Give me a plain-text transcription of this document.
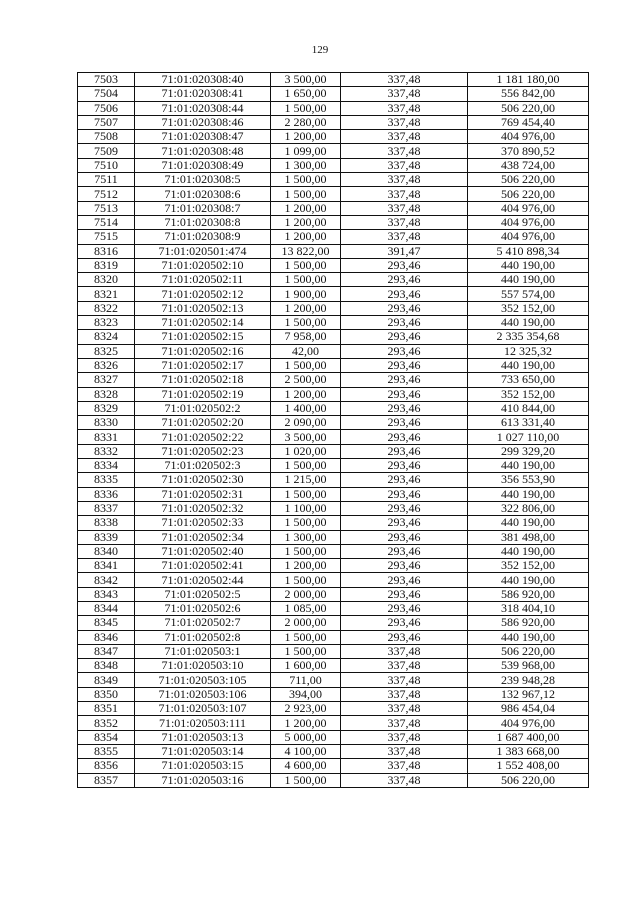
129
7503	71:01:020308:40	3 500,00	337,48	1 181 180,00
7504	71:01:020308:41	1 650,00	337,48	556 842,00
7506	71:01:020308:44	1 500,00	337,48	506 220,00
7507	71:01:020308:46	2 280,00	337,48	769 454,40
7508	71:01:020308:47	1 200,00	337,48	404 976,00
7509	71:01:020308:48	1 099,00	337,48	370 890,52
7510	71:01:020308:49	1 300,00	337,48	438 724,00
7511	71:01:020308:5	1 500,00	337,48	506 220,00
7512	71:01:020308:6	1 500,00	337,48	506 220,00
7513	71:01:020308:7	1 200,00	337,48	404 976,00
7514	71:01:020308:8	1 200,00	337,48	404 976,00
7515	71:01:020308:9	1 200,00	337,48	404 976,00
8316	71:01:020501:474	13 822,00	391,47	5 410 898,34
8319	71:01:020502:10	1 500,00	293,46	440 190,00
8320	71:01:020502:11	1 500,00	293,46	440 190,00
8321	71:01:020502:12	1 900,00	293,46	557 574,00
8322	71:01:020502:13	1 200,00	293,46	352 152,00
8323	71:01:020502:14	1 500,00	293,46	440 190,00
8324	71:01:020502:15	7 958,00	293,46	2 335 354,68
8325	71:01:020502:16	42,00	293,46	12 325,32
8326	71:01:020502:17	1 500,00	293,46	440 190,00
8327	71:01:020502:18	2 500,00	293,46	733 650,00
8328	71:01:020502:19	1 200,00	293,46	352 152,00
8329	71:01:020502:2	1 400,00	293,46	410 844,00
8330	71:01:020502:20	2 090,00	293,46	613 331,40
8331	71:01:020502:22	3 500,00	293,46	1 027 110,00
8332	71:01:020502:23	1 020,00	293,46	299 329,20
8334	71:01:020502:3	1 500,00	293,46	440 190,00
8335	71:01:020502:30	1 215,00	293,46	356 553,90
8336	71:01:020502:31	1 500,00	293,46	440 190,00
8337	71:01:020502:32	1 100,00	293,46	322 806,00
8338	71:01:020502:33	1 500,00	293,46	440 190,00
8339	71:01:020502:34	1 300,00	293,46	381 498,00
8340	71:01:020502:40	1 500,00	293,46	440 190,00
8341	71:01:020502:41	1 200,00	293,46	352 152,00
8342	71:01:020502:44	1 500,00	293,46	440 190,00
8343	71:01:020502:5	2 000,00	293,46	586 920,00
8344	71:01:020502:6	1 085,00	293,46	318 404,10
8345	71:01:020502:7	2 000,00	293,46	586 920,00
8346	71:01:020502:8	1 500,00	293,46	440 190,00
8347	71:01:020503:1	1 500,00	337,48	506 220,00
8348	71:01:020503:10	1 600,00	337,48	539 968,00
8349	71:01:020503:105	711,00	337,48	239 948,28
8350	71:01:020503:106	394,00	337,48	132 967,12
8351	71:01:020503:107	2 923,00	337,48	986 454,04
8352	71:01:020503:111	1 200,00	337,48	404 976,00
8354	71:01:020503:13	5 000,00	337,48	1 687 400,00
8355	71:01:020503:14	4 100,00	337,48	1 383 668,00
8356	71:01:020503:15	4 600,00	337,48	1 552 408,00
8357	71:01:020503:16	1 500,00	337,48	506 220,00
